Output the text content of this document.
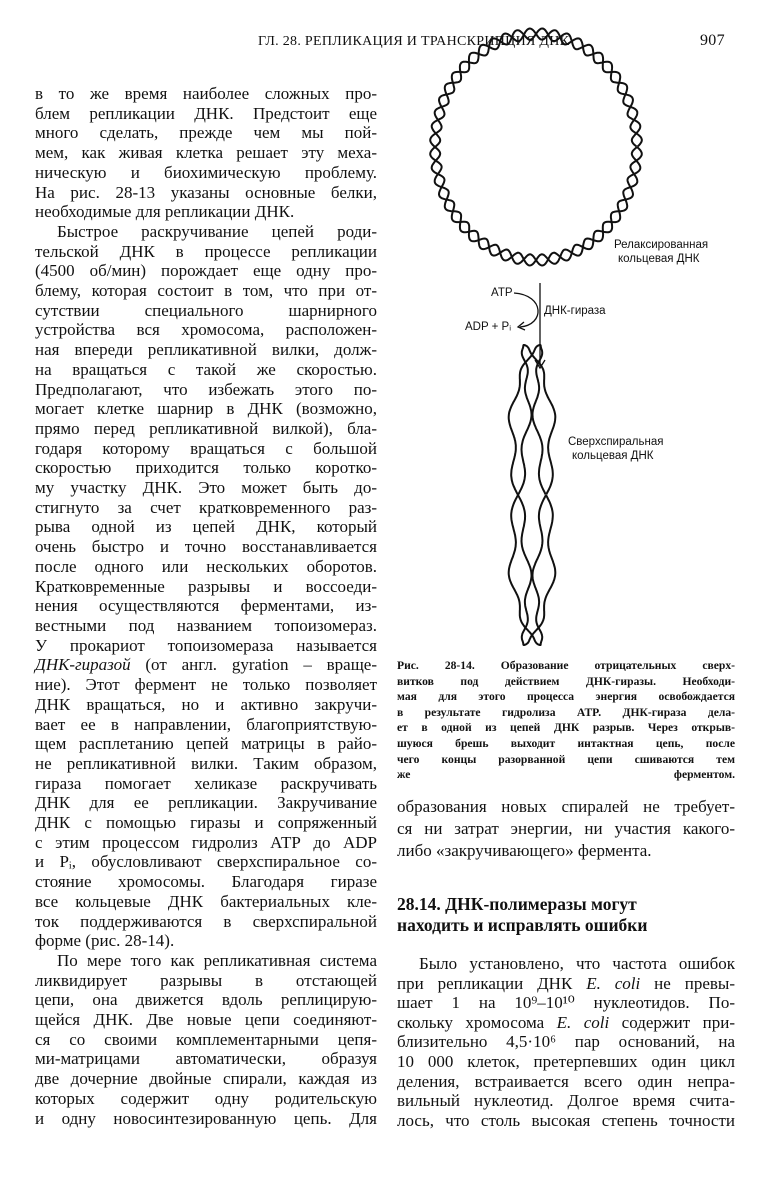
ГЛ. 28. РЕПЛИКАЦИЯ И ТРАНСКРИПЦИЯ ДНК	907
в то же время наиболее сложных про-
блем репликации ДНК. Предстоит еще
много сделать, прежде чем мы пой-
мем, как живая клетка решает эту меха-
ническую и биохимическую проблему.
На рис. 28-13 указаны основные белки,
необходимые для репликации ДНК.
Быстрое раскручивание цепей роди-
тельской ДНК в процессе репликации
(4500 об/мин) порождает еще одну про-
блему, которая состоит в том, что при от-
сутствии специального шарнирного
устройства вся хромосома, расположен-
ная впереди репликативной вилки, долж-
на вращаться с такой же скоростью.
Предполагают, что избежать этого по-
могает клетке шарнир в ДНК (возможно,
прямо перед репликативной вилкой), бла-
годаря которому вращаться с большой
скоростью приходится только коротко-
му участку ДНК. Это может быть до-
стигнуто за счет кратковременного раз-
рыва одной из цепей ДНК, который
очень быстро и точно восстанавливается
после одного или нескольких оборотов.
Кратковременные разрывы и воссоеди-
нения осуществляются ферментами, из-
вестными под названием топоизомераз.
У прокариот топоизомераза называется
ДНК-гиразой (от англ. gyration – враще-
ние). Этот фермент не только позволяет
ДНК вращаться, но и активно закручи-
вает ее в направлении, благоприятствую-
щем расплетанию цепей матрицы в райо-
не репликативной вилки. Таким образом,
гираза помогает хеликазе раскручивать
ДНК для ее репликации. Закручивание
ДНК с помощью гиразы и сопряженный
с этим процессом гидролиз АТР до ADP
и Pᵢ, обусловливают сверхспиральное со-
стояние хромосомы. Благодаря гиразе
все кольцевые ДНК бактериальных кле-
ток поддерживаются в сверхспиральной
форме (рис. 28-14).
По мере того как репликативная система
ликвидирует разрывы в отстающей
цепи, она движется вдоль реплицирую-
щейся ДНК. Две новые цепи соединяют-
ся со своими комплементарными цепя-
ми-матрицами автоматически, образуя
две дочерние двойные спирали, каждая из
которых содержит одну родительскую
и одну новосинтезированную цепь. Для
Релаксированная
кольцевая ДНК
ATP
ADP + Pᵢ
ДНК-гираза
Сверхспиральная
кольцевая ДНК
Рис. 28-14. Образование отрицательных сверх-
витков под действием ДНК-гиразы. Необходи-
мая для этого процесса энергия освобождается
в результате гидролиза ATP. ДНК-гираза дела-
ет в одной из цепей ДНК разрыв. Через открыв-
шуюся брешь выходит интактная цепь, после
чего концы разорванной цепи сшиваются тем
же ферментом.
образования новых спиралей не требует-
ся ни затрат энергии, ни участия какого-
либо «закручивающего» фермента.
28.14. ДНК-полимеразы могут
находить и исправлять ошибки
Было установлено, что частота ошибок
при репликации ДНК E. coli не превы-
шает 1 на 10⁹–10¹⁰ нуклеотидов. По-
скольку хромосома E. coli содержит при-
близительно 4,5·10⁶ пар оснований, на
10 000 клеток, претерпевших один цикл
деления, встраивается всего один непра-
вильный нуклеотид. Долгое время счита-
лось, что столь высокая степень точности
